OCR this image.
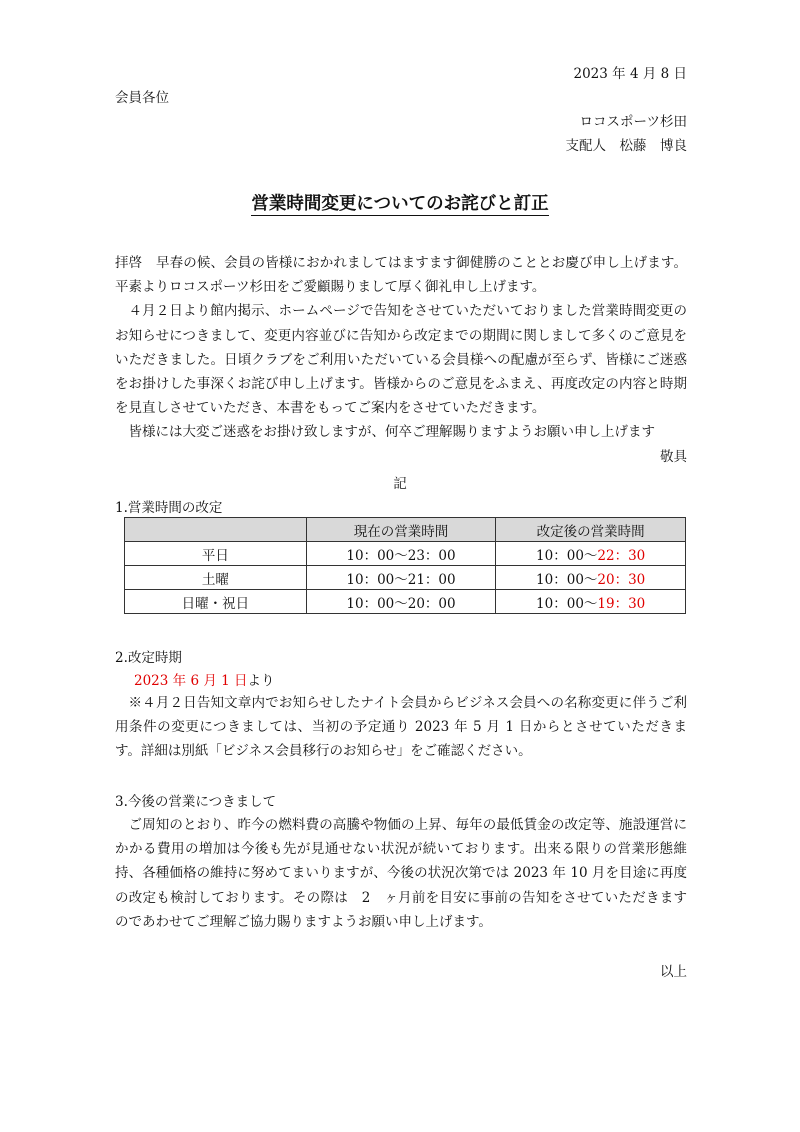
2023 年 4 月 8 日
会員各位
ロコスポーツ杉田
支配人　松藤　博良
営業時間変更についてのお詫びと訂正

拝啓　早春の候、会員の皆様におかれましてはますます御健勝のこととお慶び申し上げます。平素よりロコスポーツ杉田をご愛顧賜りまして厚く御礼申し上げます。

４月２日より館内掲示、ホームページで告知をさせていただいておりました営業時間変更のお知らせにつきまして、変更内容並びに告知から改定までの期間に関しまして多くのご意見をいただきました。日頃クラブをご利用いただいている会員様への配慮が至らず、皆様にご迷惑をお掛けした事深くお詫び申し上げます。皆様からのご意見をふまえ、再度改定の内容と時期を見直しさせていただき、本書をもってご案内をさせていただきます。

皆様には大変ご迷惑をお掛け致しますが、何卒ご理解賜りますようお願い申し上げます

敬具

記
1.営業時間の改定
	現在の営業時間	改定後の営業時間
平日	10：00～23：00	10：00～22：30
土曜	10：00～21：00	10：00～20：30
日曜・祝日	10：00～20：00	10：00～19：30
2.改定時期
2023 年 6 月 1 日より

※４月２日告知文章内でお知らせしたナイト会員からビジネス会員への名称変更に伴うご利用条件の変更につきましては、当初の予定通り 2023 年 5 月 1 日からとさせていただきます。詳細は別紙「ビジネス会員移行のお知らせ」をご確認ください。

3.今後の営業につきまして

ご周知のとおり、昨今の燃料費の高騰や物価の上昇、毎年の最低賃金の改定等、施設運営にかかる費用の増加は今後も先が見通せない状況が続いております。出来る限りの営業形態維持、各種価格の維持に努めてまいりますが、今後の状況次第では 2023 年 10 月を目途に再度の改定も検討しております。その際は　2　ヶ月前を目安に事前の告知をさせていただきますのであわせてご理解ご協力賜りますようお願い申し上げます。

以上
